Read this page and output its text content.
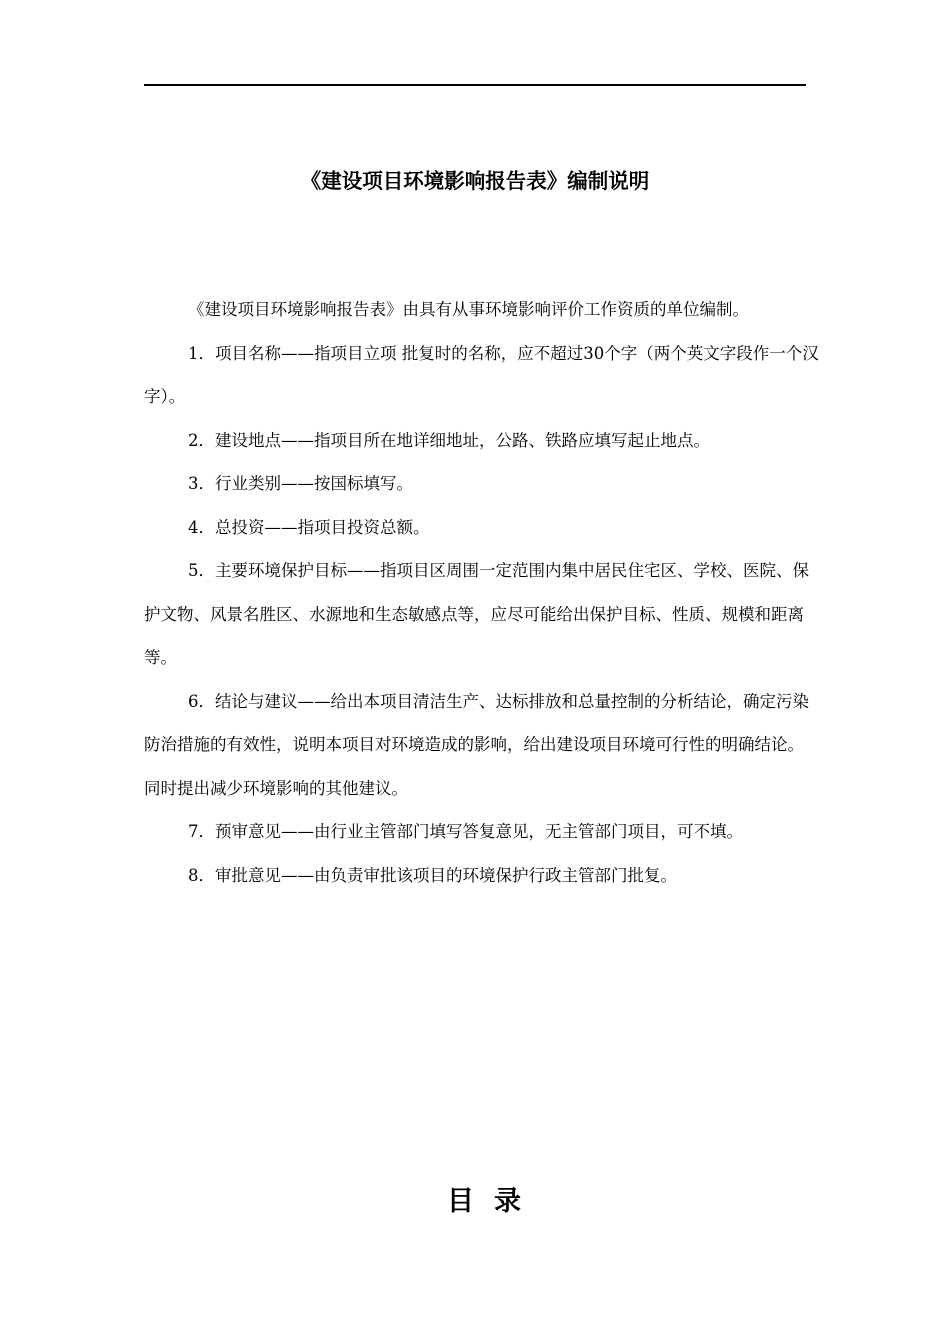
《建设项目环境影响报告表》编制说明

《建设项目环境影响报告表》由具有从事环境影响评价工作资质的单位编制。

1．项目名称——指项目立项 批复时的名称，应不超过30个字（两个英文字段作一个汉字）。

2．建设地点——指项目所在地详细地址，公路、铁路应填写起止地点。

3．行业类别——按国标填写。

4．总投资——指项目投资总额。

5．主要环境保护目标——指项目区周围一定范围内集中居民住宅区、学校、医院、保护文物、风景名胜区、水源地和生态敏感点等，应尽可能给出保护目标、性质、规模和距离等。

6．结论与建议——给出本项目清洁生产、达标排放和总量控制的分析结论，确定污染防治措施的有效性，说明本项目对环境造成的影响，给出建设项目环境可行性的明确结论。同时提出减少环境影响的其他建议。

7．预审意见——由行业主管部门填写答复意见，无主管部门项目，可不填。

8．审批意见——由负责审批该项目的环境保护行政主管部门批复。

目录
